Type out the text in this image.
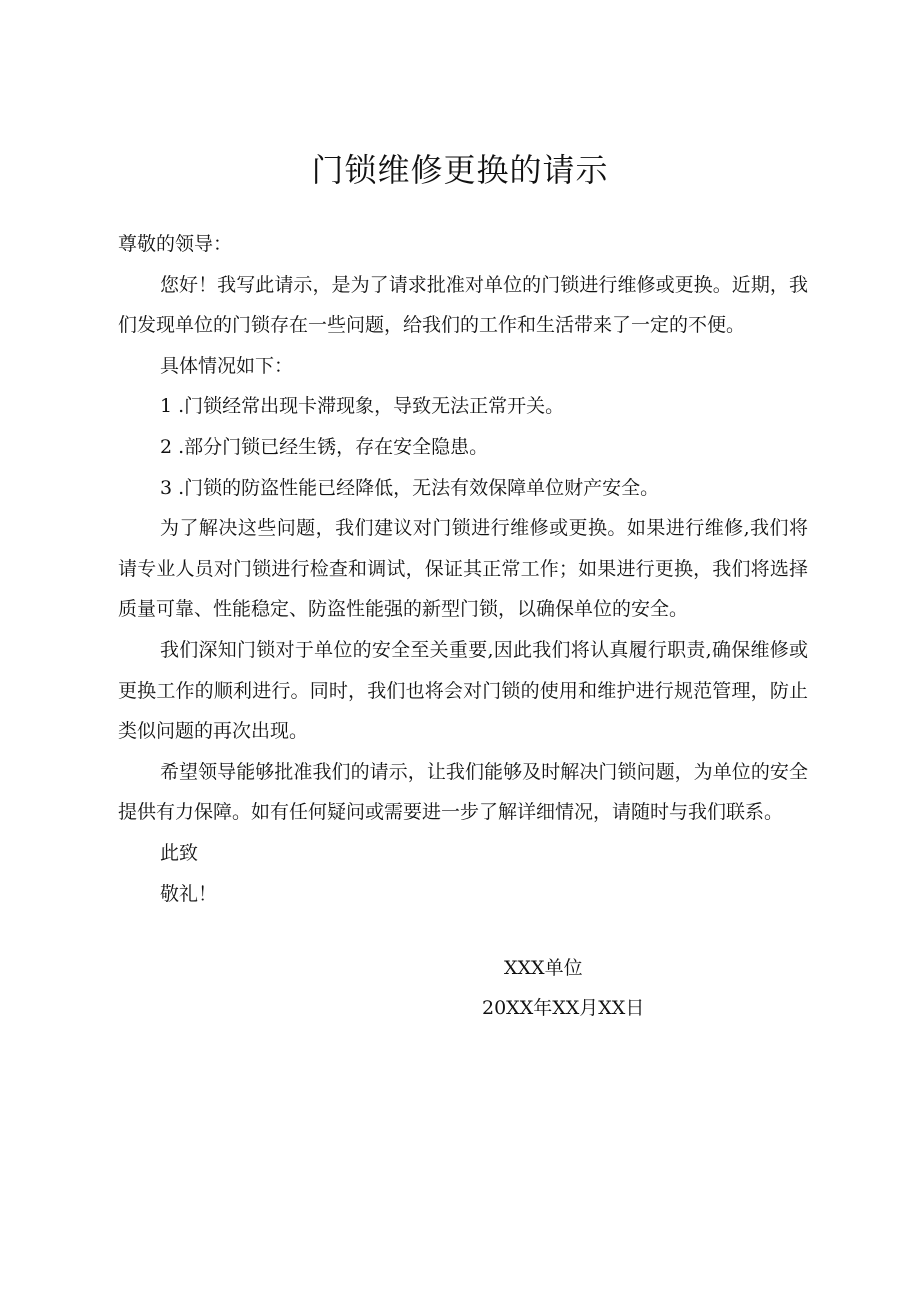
门锁维修更换的请示

尊敬的领导：

您好！我写此请示，是为了请求批准对单位的门锁进行维修或更换。近期，我们发现单位的门锁存在一些问题，给我们的工作和生活带来了一定的不便。

具体情况如下：

1 .门锁经常出现卡滞现象，导致无法正常开关。

2 .部分门锁已经生锈，存在安全隐患。

3 .门锁的防盗性能已经降低，无法有效保障单位财产安全。

为了解决这些问题，我们建议对门锁进行维修或更换。如果进行维修,我们将请专业人员对门锁进行检查和调试，保证其正常工作；如果进行更换，我们将选择质量可靠、性能稳定、防盗性能强的新型门锁，以确保单位的安全。

我们深知门锁对于单位的安全至关重要,因此我们将认真履行职责,确保维修或更换工作的顺利进行。同时，我们也将会对门锁的使用和维护进行规范管理，防止类似问题的再次出现。

希望领导能够批准我们的请示，让我们能够及时解决门锁问题，为单位的安全提供有力保障。如有任何疑问或需要进一步了解详细情况，请随时与我们联系。

此致

敬礼！

XXX单位
20XX年XX月XX日
